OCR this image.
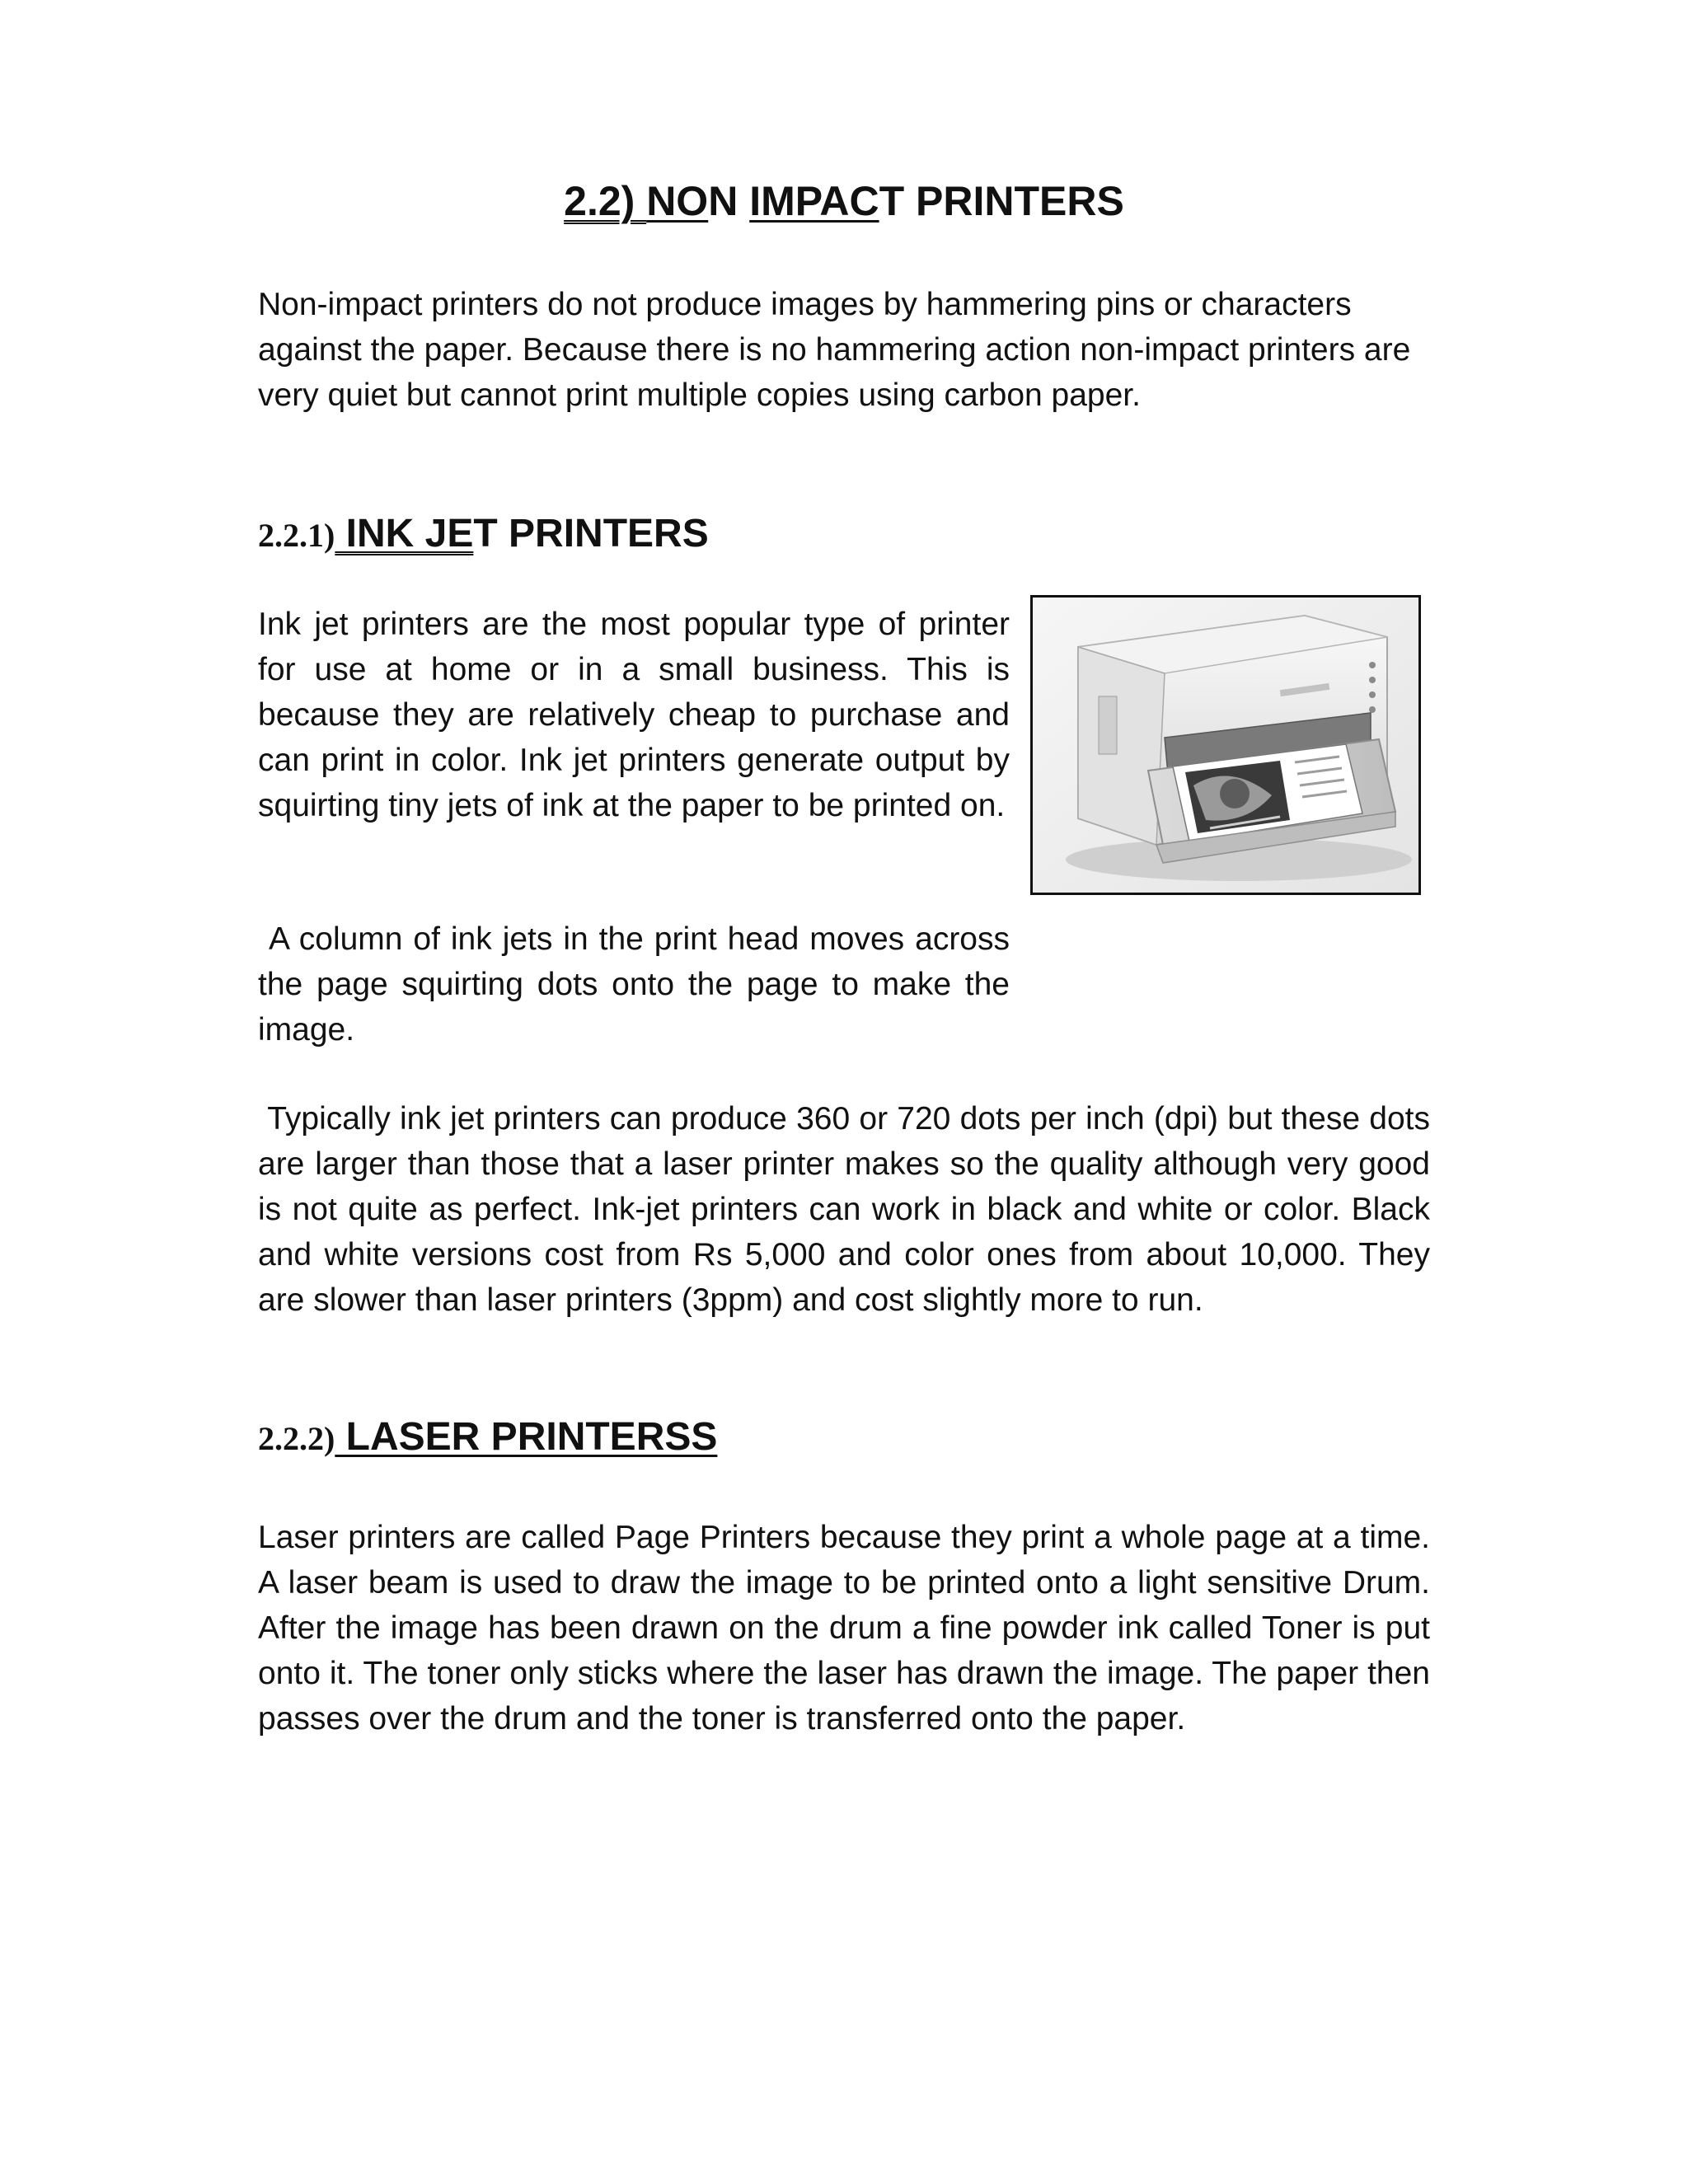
2.2) NON IMPACT PRINTERS

Non-impact printers do not produce images by hammering pins or characters against the paper. Because there is no hammering action non-impact printers are very quiet but cannot print multiple copies using carbon paper.

2.2.1) INK JET PRINTERS

Ink jet printers are the most popular type of printer for use at home or in a small business. This is because they are relatively cheap to purchase and can print in color. Ink jet printers generate output by squirting tiny jets of ink at the paper to be printed on.

A column of ink jets in the print head moves across the page squirting dots onto the page to make the image.

Typically ink jet printers can produce 360 or 720 dots per inch (dpi) but these dots are larger than those that a laser printer makes so the quality although very good is not quite as perfect. Ink-jet printers can work in black and white or color. Black and white versions cost from Rs 5,000 and color ones from about 10,000. They are slower than laser printers (3ppm) and cost slightly more to run.

2.2.2) LASER PRINTERSS

Laser printers are called Page Printers because they print a whole page at a time. A laser beam is used to draw the image to be printed onto a light sensitive Drum. After the image has been drawn on the drum a fine powder ink called Toner is put onto it. The toner only sticks where the laser has drawn the image. The paper then passes over the drum and the toner is transferred onto the paper.
